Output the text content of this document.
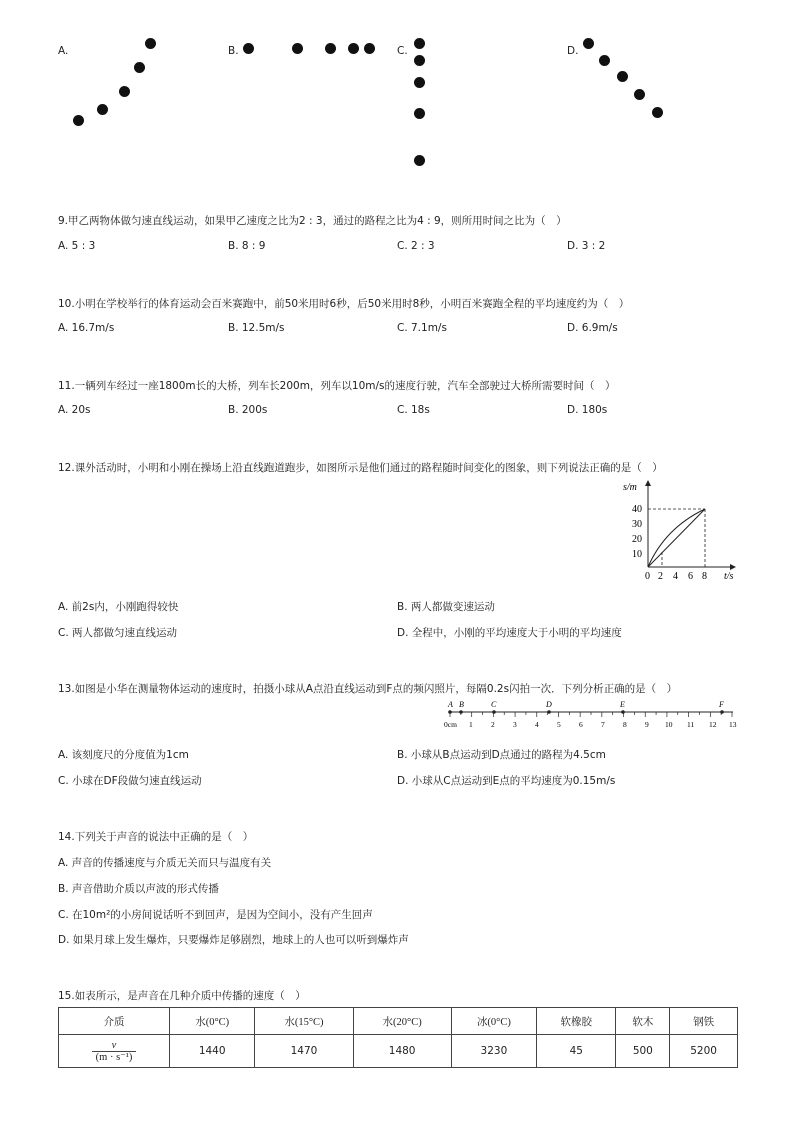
A.	B.	C.	D.
9.甲乙两物体做匀速直线运动，如果甲乙速度之比为2 : 3，通过的路程之比为4 : 9，则所用时间之比为（　）
A. 5 : 3	B. 8 : 9	C. 2 : 3	D. 3 : 2
10.小明在学校举行的体育运动会百米赛跑中，前50米用时6秒，后50米用时8秒，小明百米赛跑全程的平均速度约为（　）
A. 16.7m/s	B. 12.5m/s	C. 7.1m/s	D. 6.9m/s
11.一辆列车经过一座1800m长的大桥，列车长200m，列车以10m/s的速度行驶，汽车全部驶过大桥所需要时间（　）
A. 20s	B. 200s	C. 18s	D. 180s
12.课外活动时，小明和小刚在操场上沿直线跑道跑步，如图所示是他们通过的路程随时间变化的图象，则下列说法正确的是（　）
s/m
t/s
40
30
20
10
0 2 4 6 8
A. 前2s内，小刚跑得较快	B. 两人都做变速运动
C. 两人都做匀速直线运动	D. 全程中，小刚的平均速度大于小明的平均速度
13.如图是小华在测量物体运动的速度时，拍摄小球从A点沿直线运动到F点的频闪照片，每隔0.2s闪拍一次．下列分析正确的是（　）
0cm 1 2 3 4 5 6 7 8 9 10 11 12 13
A B	C	D	E	F
A. 该刻度尺的分度值为1cm	B. 小球从B点运动到D点通过的路程为4.5cm
C. 小球在DF段做匀速直线运动	D. 小球从C点运动到E点的平均速度为0.15m/s
14.下列关于声音的说法中正确的是（　）
A. 声音的传播速度与介质无关而只与温度有关
B. 声音借助介质以声波的形式传播
C. 在10m²的小房间说话听不到回声，是因为空间小，没有产生回声
D. 如果月球上发生爆炸，只要爆炸足够剧烈，地球上的人也可以听到爆炸声
15.如表所示，是声音在几种介质中传播的速度（　）
介质	水(0°C)	水(15°C)	水(20°C)	冰(0°C)	软橡胶	软木	钢铁
v
(m · s⁻¹)	1440	1470	1480	3230	45	500	5200
